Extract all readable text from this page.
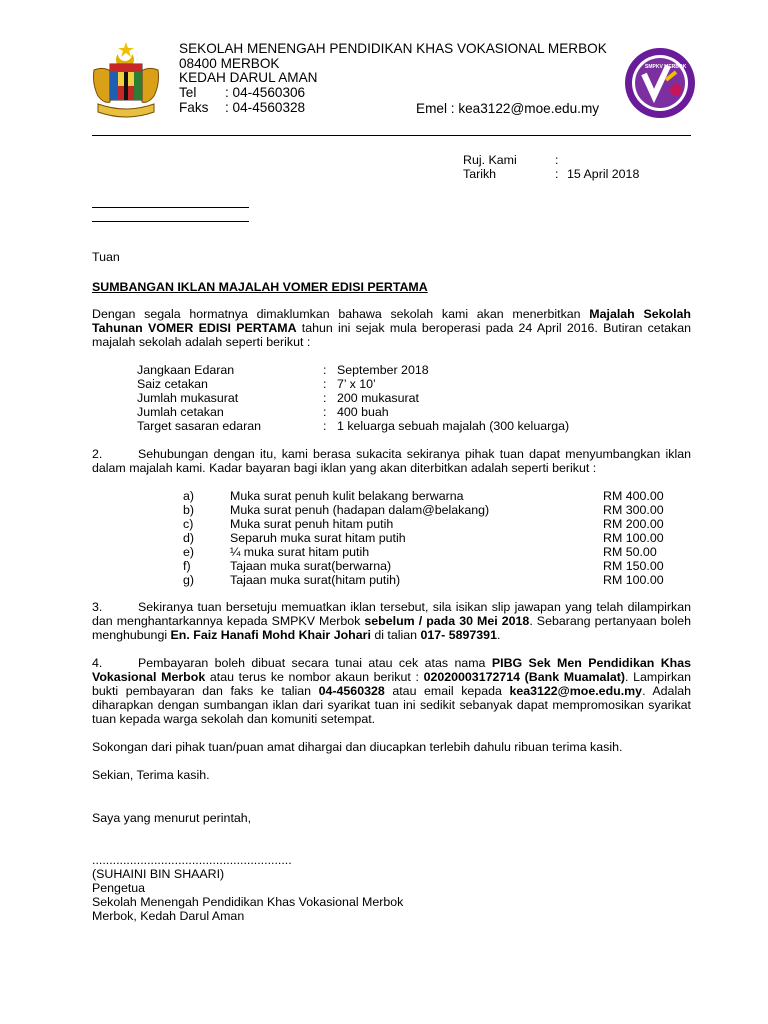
SEKOLAH MENENGAH PENDIDIKAN KHAS VOKASIONAL MERBOK
08400 MERBOK
KEDAH DARUL AMAN
Tel	: 04-4560306
Faks	: 04-4560328	Emel : kea3122@moe.edu.my
SMPKV MERBOK
Ruj. Kami	:
Tarikh	: 15 April 2018
Tuan
SUMBANGAN IKLAN MAJALAH VOMER EDISI PERTAMA
Dengan segala hormatnya dimaklumkan bahawa sekolah kami akan menerbitkan Majalah Sekolah Tahunan VOMER EDISI PERTAMA tahun ini sejak mula beroperasi pada 24 April 2016. Butiran cetakan majalah sekolah adalah seperti berikut :
Jangkaan Edaran	: September 2018
Saiz cetakan	: 7’ x 10’
Jumlah mukasurat	: 200 mukasurat
Jumlah cetakan	: 400 buah
Target sasaran edaran	: 1 keluarga sebuah majalah (300 keluarga)
2.	Sehubungan dengan itu, kami berasa sukacita sekiranya pihak tuan dapat menyumbangkan iklan dalam majalah kami. Kadar bayaran bagi iklan yang akan diterbitkan adalah seperti berikut :
a)	Muka surat penuh kulit belakang berwarna	RM 400.00
b)	Muka surat penuh (hadapan dalam@belakang)	RM 300.00
c)	Muka surat penuh hitam putih	RM 200.00
d)	Separuh muka surat hitam putih	RM 100.00
e)	¼ muka surat hitam putih	RM 50.00
f)	Tajaan muka surat(berwarna)	RM 150.00
g)	Tajaan muka surat(hitam putih)	RM 100.00
3.	Sekiranya tuan bersetuju memuatkan iklan tersebut, sila isikan slip jawapan yang telah dilampirkan dan menghantarkannya kepada SMPKV Merbok sebelum / pada 30 Mei 2018. Sebarang pertanyaan boleh menghubungi En. Faiz Hanafi Mohd Khair Johari di talian 017- 5897391.
4.	Pembayaran boleh dibuat secara tunai atau cek atas nama PIBG Sek Men Pendidikan Khas Vokasional Merbok atau terus ke nombor akaun berikut : 02020003172714 (Bank Muamalat). Lampirkan bukti pembayaran dan faks ke talian 04-4560328 atau email kepada kea3122@moe.edu.my. Adalah diharapkan dengan sumbangan iklan dari syarikat tuan ini sedikit sebanyak dapat mempromosikan syarikat tuan kepada warga sekolah dan komuniti setempat.
Sokongan dari pihak tuan/puan amat dihargai dan diucapkan terlebih dahulu ribuan terima kasih.
Sekian, Terima kasih.
Saya yang menurut perintah,
..........................................................
(SUHAINI BIN SHAARI)
Pengetua
Sekolah Menengah Pendidikan Khas Vokasional Merbok
Merbok, Kedah Darul Aman
